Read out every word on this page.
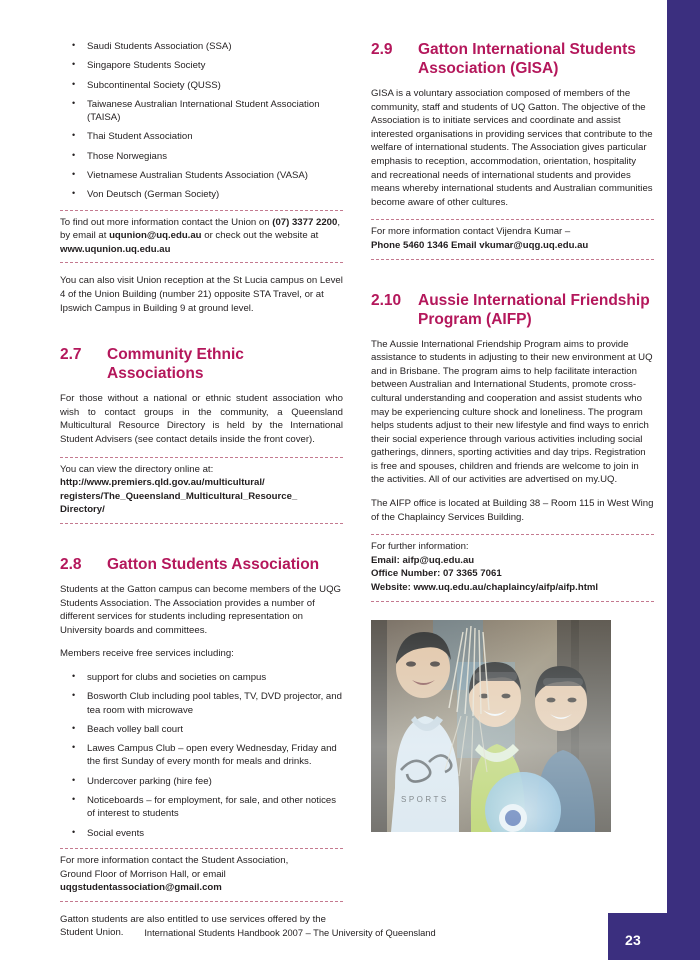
23
• Saudi Students Association (SSA)
• Singapore Students Society
• Subcontinental Society (QUSS)
• Taiwanese Australian International Student Association (TAISA)
• Thai Student Association
• Those Norwegians
• Vietnamese Australian Students Association (VASA)
• Von Deutsch (German Society)

To find out more information contact the Union on (07) 3377 2200, by email at uqunion@uq.edu.au or check out the website at www.uqunion.uq.edu.au

You can also visit Union reception at the St Lucia campus on Level 4 of the Union Building (number 21) opposite STA Travel, or at Ipswich Campus in Building 9 at ground level.

2.7	Community Ethnic Associations

For those without a national or ethnic student association who wish to contact groups in the community, a Queensland Multicultural Resource Directory is held by the International Student Advisers (see contact details inside the front cover).

You can view the directory online at:

http://www.premiers.qld.gov.au/multicultural/

registers/The_Queensland_Multicultural_Resource_

Directory/

2.8	Gatton Students Association

Students at the Gatton campus can become members of the UQG Students Association. The Association provides a number of different services for students including representation on University boards and committees.

Members receive free services including:

• support for clubs and societies on campus
• Bosworth Club including pool tables, TV, DVD projector, and tea room with microwave
• Beach volley ball court
• Lawes Campus Club – open every Wednesday, Friday and the first Sunday of every month for meals and drinks.
• Undercover parking (hire fee)
• Noticeboards – for employment, for sale, and other notices of interest to students
• Social events

For more information contact the Student Association,

Ground Floor of Morrison Hall, or email

uqgstudentassociation@gmail.com

Gatton students are also entitled to use services offered by the Student Union.

2.9	Gatton International Students Association (GISA)

GISA is a voluntary association composed of members of the community, staff and students of UQ Gatton. The objective of the Association is to initiate services and coordinate and assist interested organisations in providing services that contribute to the welfare of international students. The Association gives particular emphasis to reception, accommodation, orientation, hospitality and recreational needs of international students and provides means whereby international students and Australian communities become aware of other cultures.

For more information contact Vijendra Kumar –

Phone 5460 1346 Email vkumar@uqg.uq.edu.au

2.10	Aussie International Friendship Program (AIFP)

The Aussie International Friendship Program aims to provide assistance to students in adjusting to their new environment at UQ and in Brisbane. The program aims to help facilitate interaction between Australian and International Students, promote cross-cultural understanding and cooperation and assist students who may be experiencing culture shock and loneliness. The program helps students adjust to their new lifestyle and find ways to enrich their social experience through various activities including social gatherings, dinners, sporting activities and day trips. Registration is free and spouses, children and friends are welcome to join in the activities. All of our activities are advertised on my.UQ.

The AIFP office is located at Building 38 – Room 115 in West Wing of the Chaplaincy Services Building.

For further information:

Email: aifp@uq.edu.au

Office Number: 07 3365 7061

Website: www.uq.edu.au/chaplaincy/aifp/aifp.html

International Students Handbook 2007 – The University of Queensland
